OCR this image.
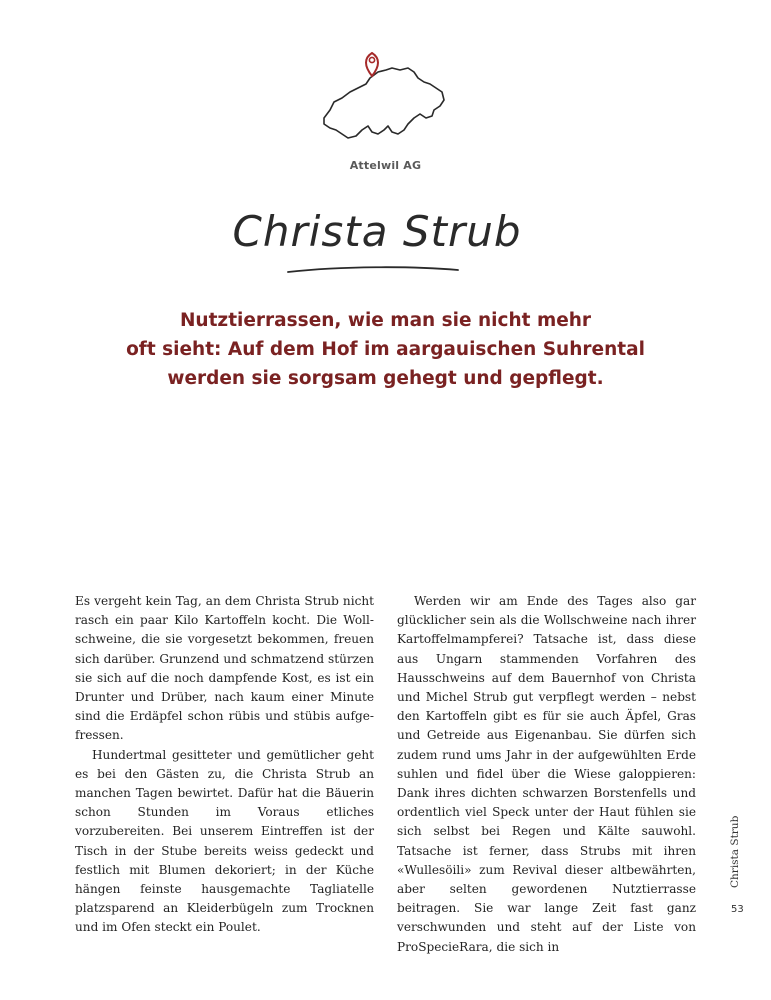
Attelwil AG
Christa Strub

Nutztierrassen, wie man sie nicht mehr
oft sieht: Auf dem Hof im aargauischen Suhrental
werden sie sorgsam gehegt und gepflegt.

Es vergeht kein Tag, an dem Christa Strub nicht rasch ein paar Kilo Kartoffeln kocht. Die Wollschweine, die sie vorgesetzt bekommen, freuen sich darüber. Grunzend und schmatzend stürzen sie sich auf die noch dampfende Kost, es ist ein Drunter und Drüber, nach kaum einer Minute sind die Erdäpfel schon rübis und stübis aufgefressen.

Hundertmal gesitteter und gemütlicher geht es bei den Gästen zu, die Christa Strub an manchen Tagen bewirtet. Dafür hat die Bäuerin schon Stunden im Voraus etliches vorzubereiten. Bei unserem Eintreffen ist der Tisch in der Stube bereits weiss gedeckt und festlich mit Blumen dekoriert; in der Küche hängen feinste hausgemachte Tagliatelle platzsparend an Kleiderbügeln zum Trocknen und im Ofen steckt ein Poulet.

Werden wir am Ende des Tages also gar glücklicher sein als die Wollschweine nach ihrer Kartoffelmampferei? Tatsache ist, dass diese aus Ungarn stammenden Vorfahren des Hausschweins auf dem Bauernhof von Christa und Michel Strub gut verpflegt werden – nebst den Kartoffeln gibt es für sie auch Äpfel, Gras und Getreide aus Eigenanbau. Sie dürfen sich zudem rund ums Jahr in der aufgewühlten Erde suhlen und fidel über die Wiese galoppieren: Dank ihres dichten schwarzen Borstenfells und ordentlich viel Speck unter der Haut fühlen sie sich selbst bei Regen und Kälte sauwohl. Tatsache ist ferner, dass Strubs mit ihren «Wullesöili» zum Revival dieser altbewährten, aber selten gewordenen Nutztierrasse beitragen. Sie war lange Zeit fast ganz verschwunden und steht auf der Liste von ProSpecieRara, die sich in

Christa Strub
53
